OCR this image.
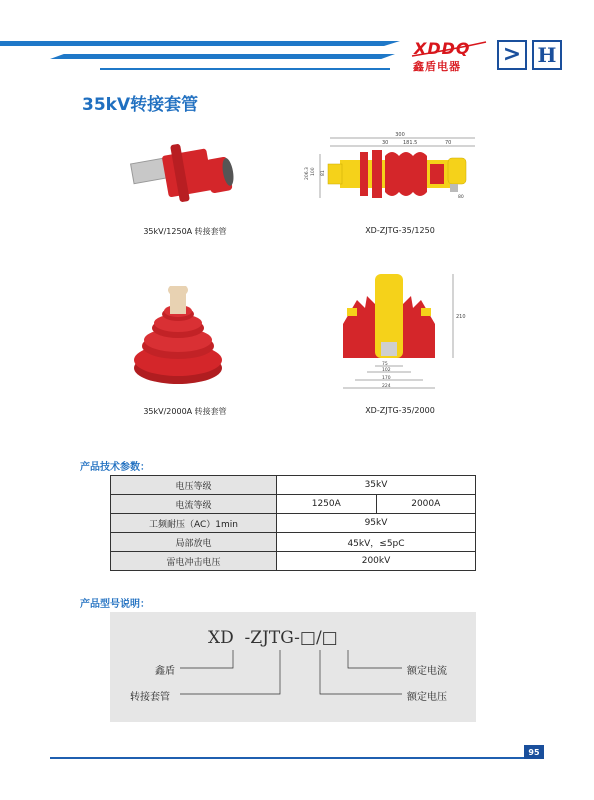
XDDQ
鑫盾电器 > H
35kV转接套管
300
30	181.5	70
100 81
206.3
80
35kV/1250A 转接套管	XD-ZJTG-35/1250
210
75
102
170
224
35kV/2000A 转接套管	XD-ZJTG-35/2000
产品技术参数：
电压等级	35kV	
电流等级	1250A	2000A
工频耐压（AC）1min	95kV	
局部放电	45kV，≤5pC	
雷电冲击电压	200kV	
产品型号说明：
XD  -ZJTG-□/□
鑫盾
转接套管
额定电流
额定电压
95
